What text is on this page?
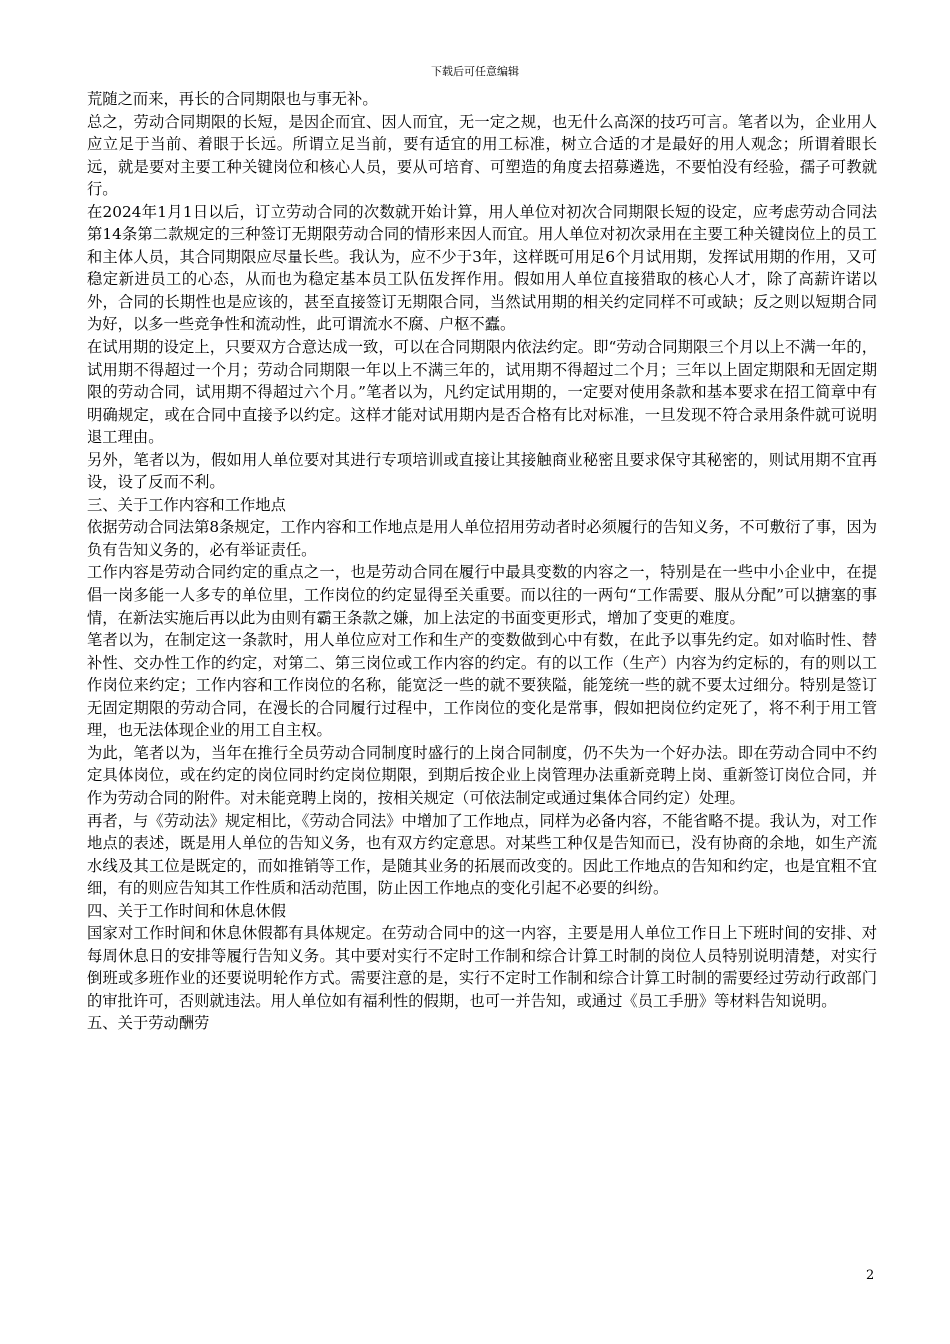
下载后可任意编辑

荒随之而来，再长的合同期限也与事无补。

总之，劳动合同期限的长短，是因企而宜、因人而宜，无一定之规，也无什么高深的技巧可言。笔者以为，企业用人应立足于当前、着眼于长远。所谓立足当前，要有适宜的用工标准，树立合适的才是最好的用人观念；所谓着眼长远，就是要对主要工种关键岗位和核心人员，要从可培育、可塑造的角度去招募遴选，不要怕没有经验，孺子可教就行。

在2024年1月1日以后，订立劳动合同的次数就开始计算，用人单位对初次合同期限长短的设定，应考虑劳动合同法第14条第二款规定的三种签订无期限劳动合同的情形来因人而宜。用人单位对初次录用在主要工种关键岗位上的员工和主体人员，其合同期限应尽量长些。我认为，应不少于3年，这样既可用足6个月试用期，发挥试用期的作用，又可稳定新进员工的心态，从而也为稳定基本员工队伍发挥作用。假如用人单位直接猎取的核心人才，除了高薪许诺以外，合同的长期性也是应该的，甚至直接签订无期限合同，当然试用期的相关约定同样不可或缺；反之则以短期合同为好，以多一些竞争性和流动性，此可谓流水不腐、户枢不蠹。

在试用期的设定上，只要双方合意达成一致，可以在合同期限内依法约定。即“劳动合同期限三个月以上不满一年的，试用期不得超过一个月；劳动合同期限一年以上不满三年的，试用期不得超过二个月；三年以上固定期限和无固定期限的劳动合同，试用期不得超过六个月。”笔者以为，凡约定试用期的，一定要对使用条款和基本要求在招工简章中有明确规定，或在合同中直接予以约定。这样才能对试用期内是否合格有比对标准，一旦发现不符合录用条件就可说明退工理由。

另外，笔者以为，假如用人单位要对其进行专项培训或直接让其接触商业秘密且要求保守其秘密的，则试用期不宜再设，设了反而不利。

三、关于工作内容和工作地点

依据劳动合同法第8条规定，工作内容和工作地点是用人单位招用劳动者时必须履行的告知义务，不可敷衍了事，因为负有告知义务的，必有举证责任。

工作内容是劳动合同约定的重点之一，也是劳动合同在履行中最具变数的内容之一，特别是在一些中小企业中，在提倡一岗多能一人多专的单位里，工作岗位的约定显得至关重要。而以往的一两句“工作需要、服从分配”可以搪塞的事情，在新法实施后再以此为由则有霸王条款之嫌，加上法定的书面变更形式，增加了变更的难度。

笔者以为，在制定这一条款时，用人单位应对工作和生产的变数做到心中有数，在此予以事先约定。如对临时性、替补性、交办性工作的约定，对第二、第三岗位或工作内容的约定。有的以工作（生产）内容为约定标的，有的则以工作岗位来约定；工作内容和工作岗位的名称，能宽泛一些的就不要狭隘，能笼统一些的就不要太过细分。特别是签订无固定期限的劳动合同，在漫长的合同履行过程中，工作岗位的变化是常事，假如把岗位约定死了，将不利于用工管理，也无法体现企业的用工自主权。

为此，笔者以为，当年在推行全员劳动合同制度时盛行的上岗合同制度，仍不失为一个好办法。即在劳动合同中不约定具体岗位，或在约定的岗位同时约定岗位期限，到期后按企业上岗管理办法重新竞聘上岗、重新签订岗位合同，并作为劳动合同的附件。对未能竞聘上岗的，按相关规定（可依法制定或通过集体合同约定）处理。

再者，与《劳动法》规定相比，《劳动合同法》中增加了工作地点，同样为必备内容，不能省略不提。我认为，对工作地点的表述，既是用人单位的告知义务，也有双方约定意思。对某些工种仅是告知而已，没有协商的余地，如生产流水线及其工位是既定的，而如推销等工作，是随其业务的拓展而改变的。因此工作地点的告知和约定，也是宜粗不宜细，有的则应告知其工作性质和活动范围，防止因工作地点的变化引起不必要的纠纷。

四、关于工作时间和休息休假

国家对工作时间和休息休假都有具体规定。在劳动合同中的这一内容，主要是用人单位工作日上下班时间的安排、对每周休息日的安排等履行告知义务。其中要对实行不定时工作制和综合计算工时制的岗位人员特别说明清楚，对实行倒班或多班作业的还要说明轮作方式。需要注意的是，实行不定时工作制和综合计算工时制的需要经过劳动行政部门的审批许可，否则就违法。用人单位如有福利性的假期，也可一并告知，或通过《员工手册》等材料告知说明。

五、关于劳动酬劳

2
